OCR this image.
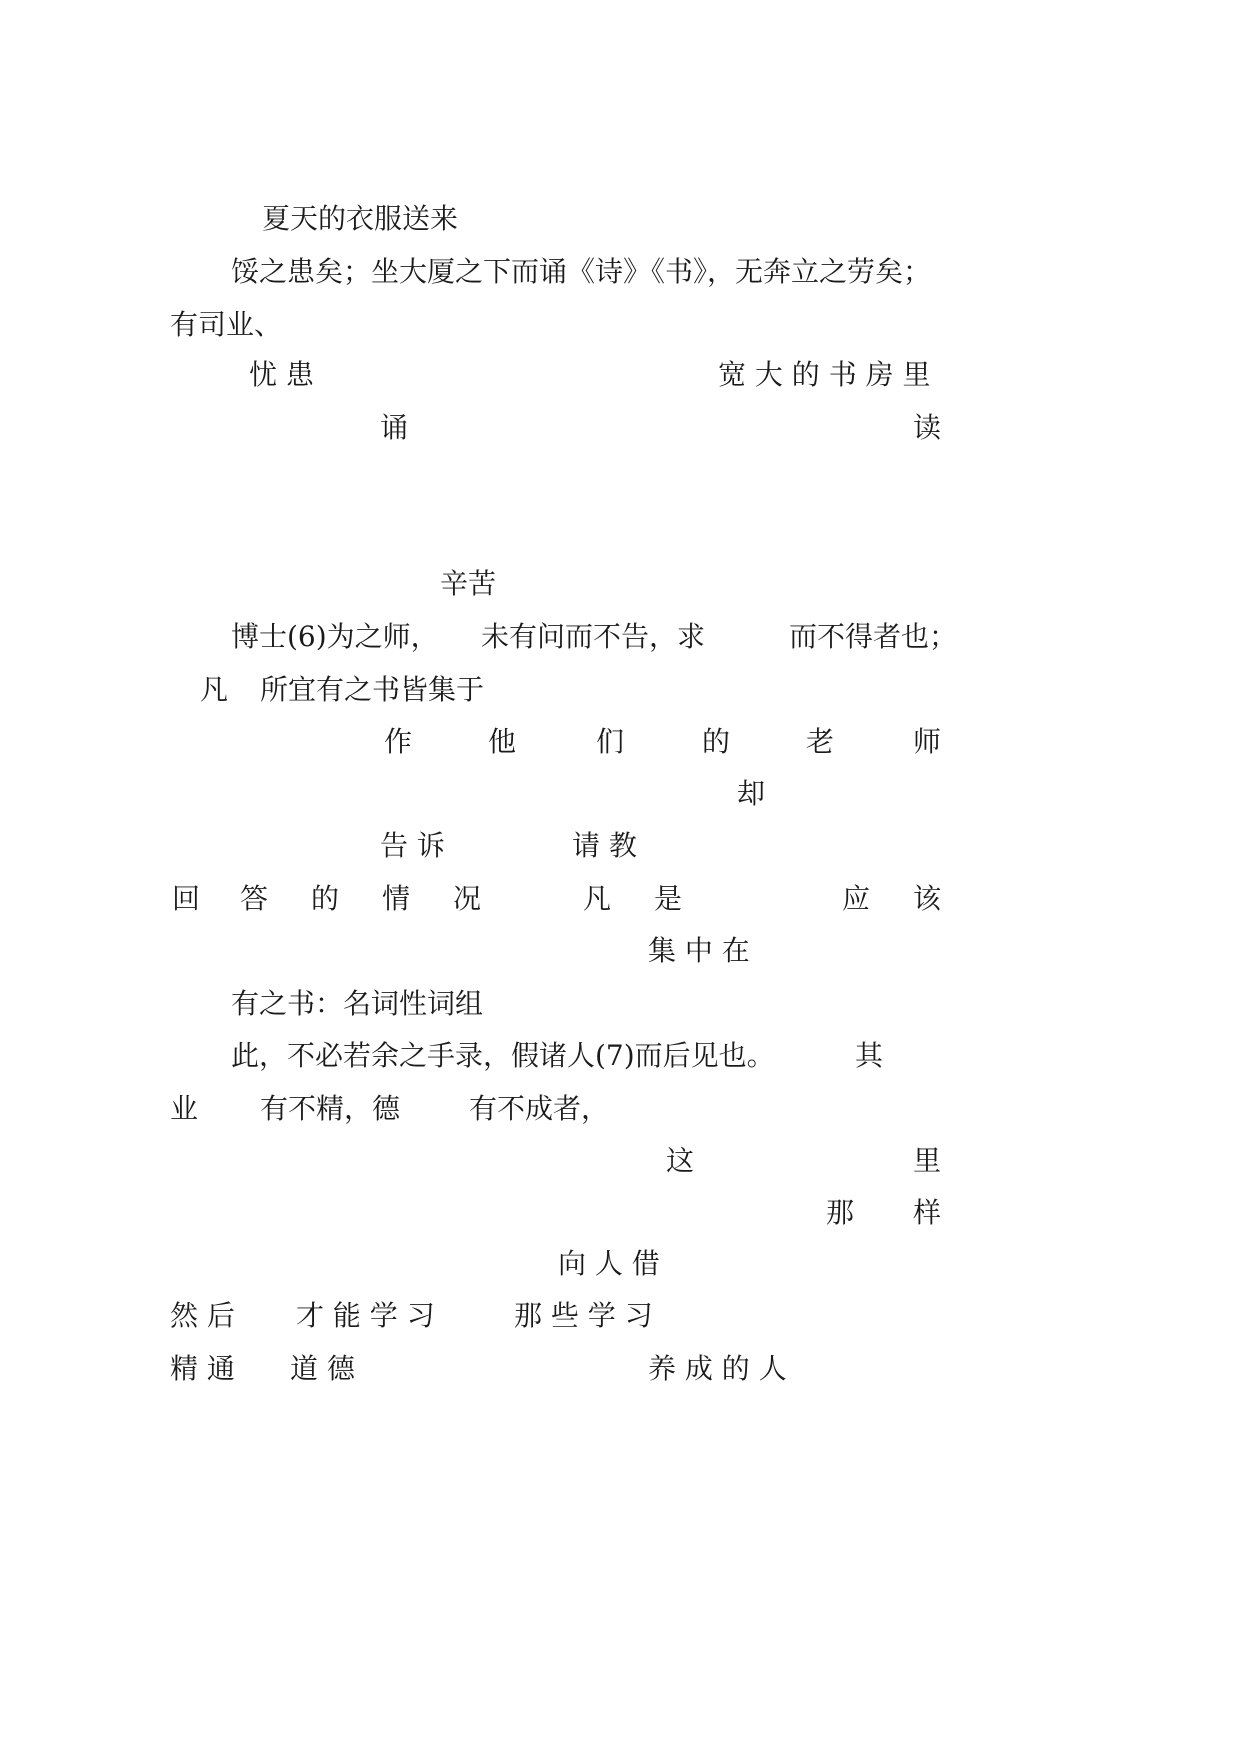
夏天的衣服送来
馁之患矣；坐大厦之下而诵《诗》《书》，无奔立之劳矣；
有司业、
忧 患	宽 大 的 书 房 里
诵	读
辛苦
博士(6)为之师， 未有问而不告，求	而不得者也；
凡 所宜有之书皆集于
作	他	们	的	老	师
却
告 诉	请 教
回 答 的 情 况	凡 是	应 该
集 中 在
有之书：名词性词组
此，不必若余之手录，假诸人(7)而后见也。	其
业 有不精，德 有不成者，
这	里
那 样
向 人 借
然 后 才 能 学 习	那 些 学 习
精 通 道 德	养 成 的 人
